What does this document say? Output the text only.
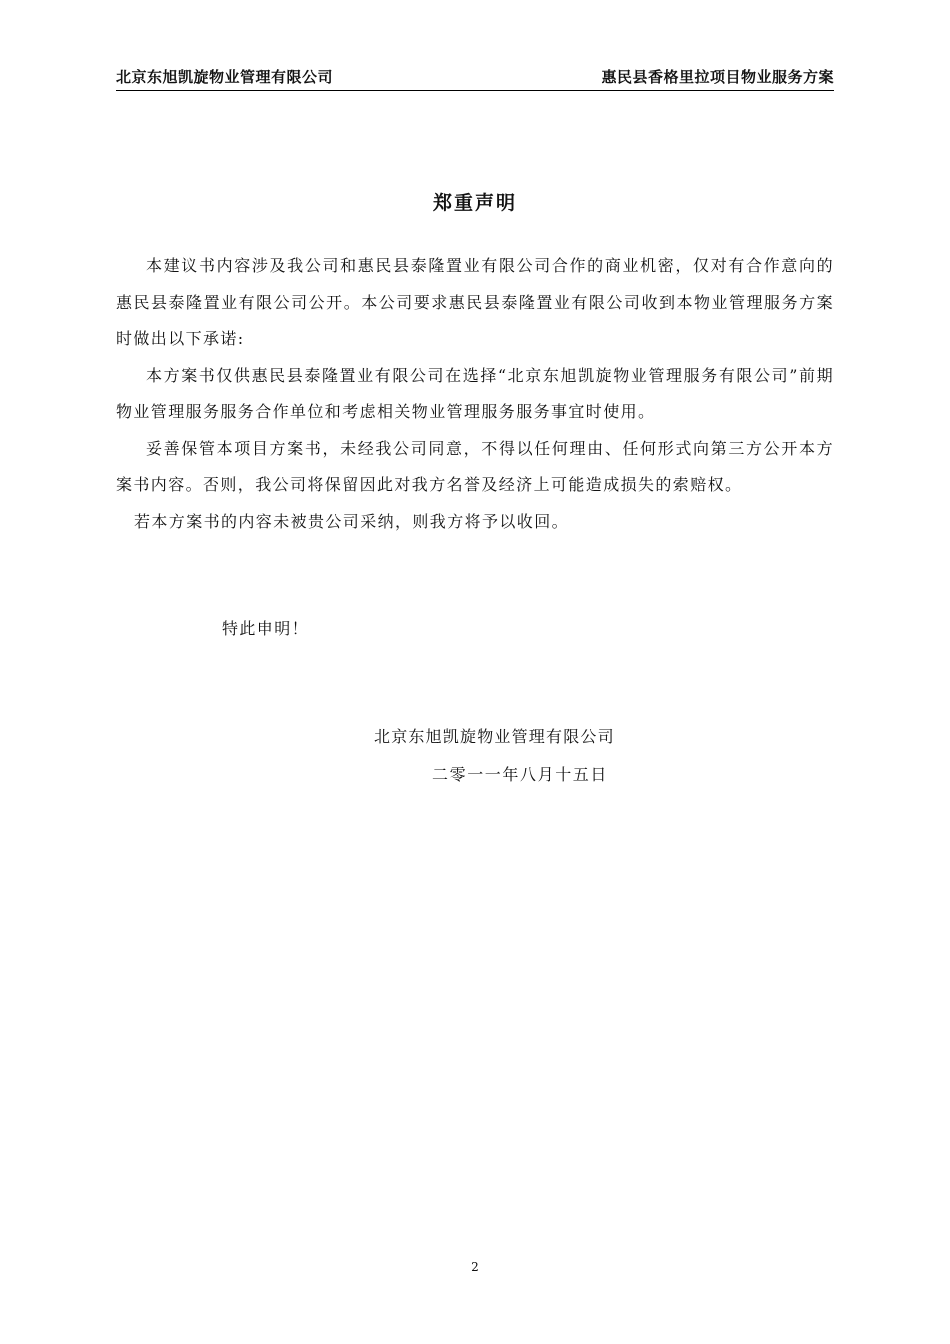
北京东旭凯旋物业管理有限公司	惠民县香格里拉项目物业服务方案
郑重声明

本建议书内容涉及我公司和惠民县泰隆置业有限公司合作的商业机密，仅对有合作意向的惠民县泰隆置业有限公司公开。本公司要求惠民县泰隆置业有限公司收到本物业管理服务方案时做出以下承诺:

本方案书仅供惠民县泰隆置业有限公司在选择“北京东旭凯旋物业管理服务有限公司”前期物业管理服务服务合作单位和考虑相关物业管理服务服务事宜时使用。

妥善保管本项目方案书，未经我公司同意，不得以任何理由、任何形式向第三方公开本方案书内容。否则，我公司将保留因此对我方名誉及经济上可能造成损失的索赔权。

若本方案书的内容未被贵公司采纳，则我方将予以收回。

特此申明！
北京东旭凯旋物业管理有限公司
二零一一年八月十五日
2
